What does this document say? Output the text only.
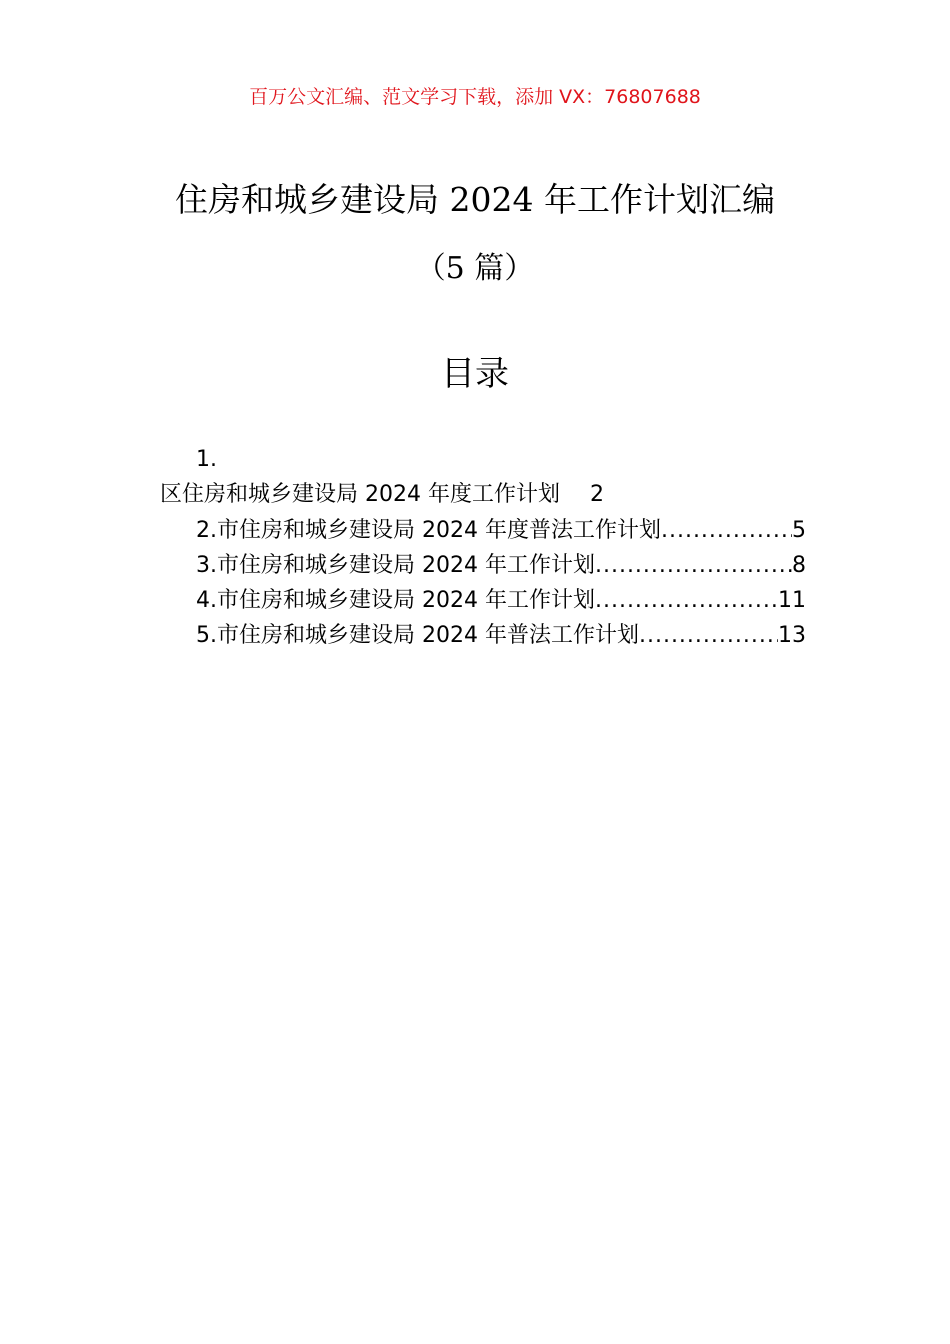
百万公文汇编、范文学习下载，添加 VX：76807688
住房和城乡建设局 2024 年工作计划汇编
（5 篇）
目录
1.
区住房和城乡建设局 2024 年度工作计划 2
2.市住房和城乡建设局 2024 年度普法工作计划 .....	5
3.市住房和城乡建设局 2024 年工作计划 .....	8
4.市住房和城乡建设局 2024 年工作计划 .....	11
5.市住房和城乡建设局 2024 年普法工作计划 .....	13
